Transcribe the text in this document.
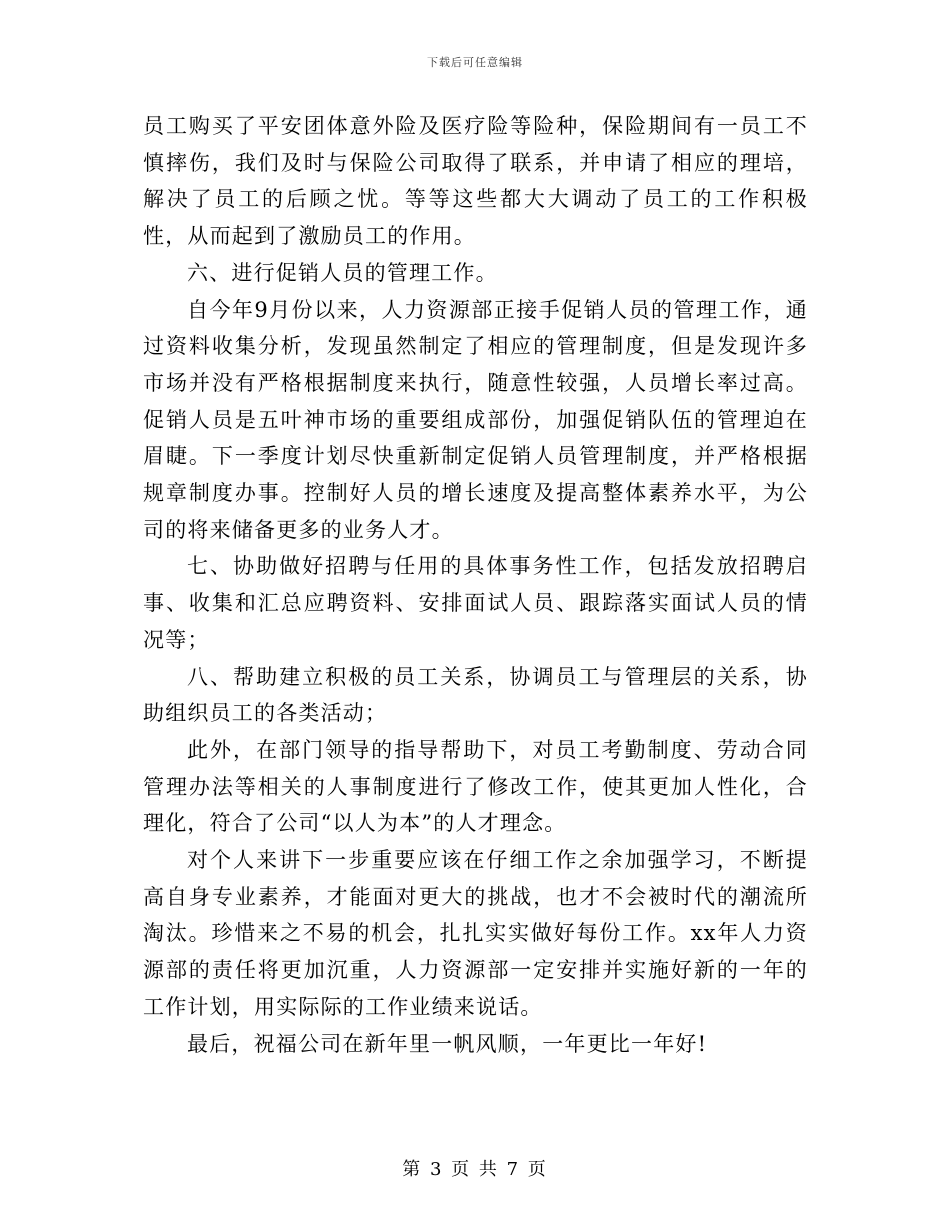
下载后可任意编辑

员工购买了平安团体意外险及医疗险等险种，保险期间有一员工不慎摔伤，我们及时与保险公司取得了联系，并申请了相应的理培，解决了员工的后顾之忧。等等这些都大大调动了员工的工作积极性，从而起到了激励员工的作用。

六、进行促销人员的管理工作。

自今年9月份以来，人力资源部正接手促销人员的管理工作，通过资料收集分析，发现虽然制定了相应的管理制度，但是发现许多市场并没有严格根据制度来执行，随意性较强，人员增长率过高。促销人员是五叶神市场的重要组成部份，加强促销队伍的管理迫在眉睫。下一季度计划尽快重新制定促销人员管理制度，并严格根据规章制度办事。控制好人员的增长速度及提高整体素养水平，为公司的将来储备更多的业务人才。

七、协助做好招聘与任用的具体事务性工作，包括发放招聘启事、收集和汇总应聘资料、安排面试人员、跟踪落实面试人员的情况等；

八、帮助建立积极的员工关系，协调员工与管理层的关系，协助组织员工的各类活动；

此外，在部门领导的指导帮助下，对员工考勤制度、劳动合同管理办法等相关的人事制度进行了修改工作，使其更加人性化，合理化，符合了公司“以人为本”的人才理念。

对个人来讲下一步重要应该在仔细工作之余加强学习，不断提高自身专业素养，才能面对更大的挑战，也才不会被时代的潮流所淘汰。珍惜来之不易的机会，扎扎实实做好每份工作。xx年人力资源部的责任将更加沉重，人力资源部一定安排并实施好新的一年的工作计划，用实际际的工作业绩来说话。

最后，祝福公司在新年里一帆风顺，一年更比一年好!

第 3 页 共 7 页
